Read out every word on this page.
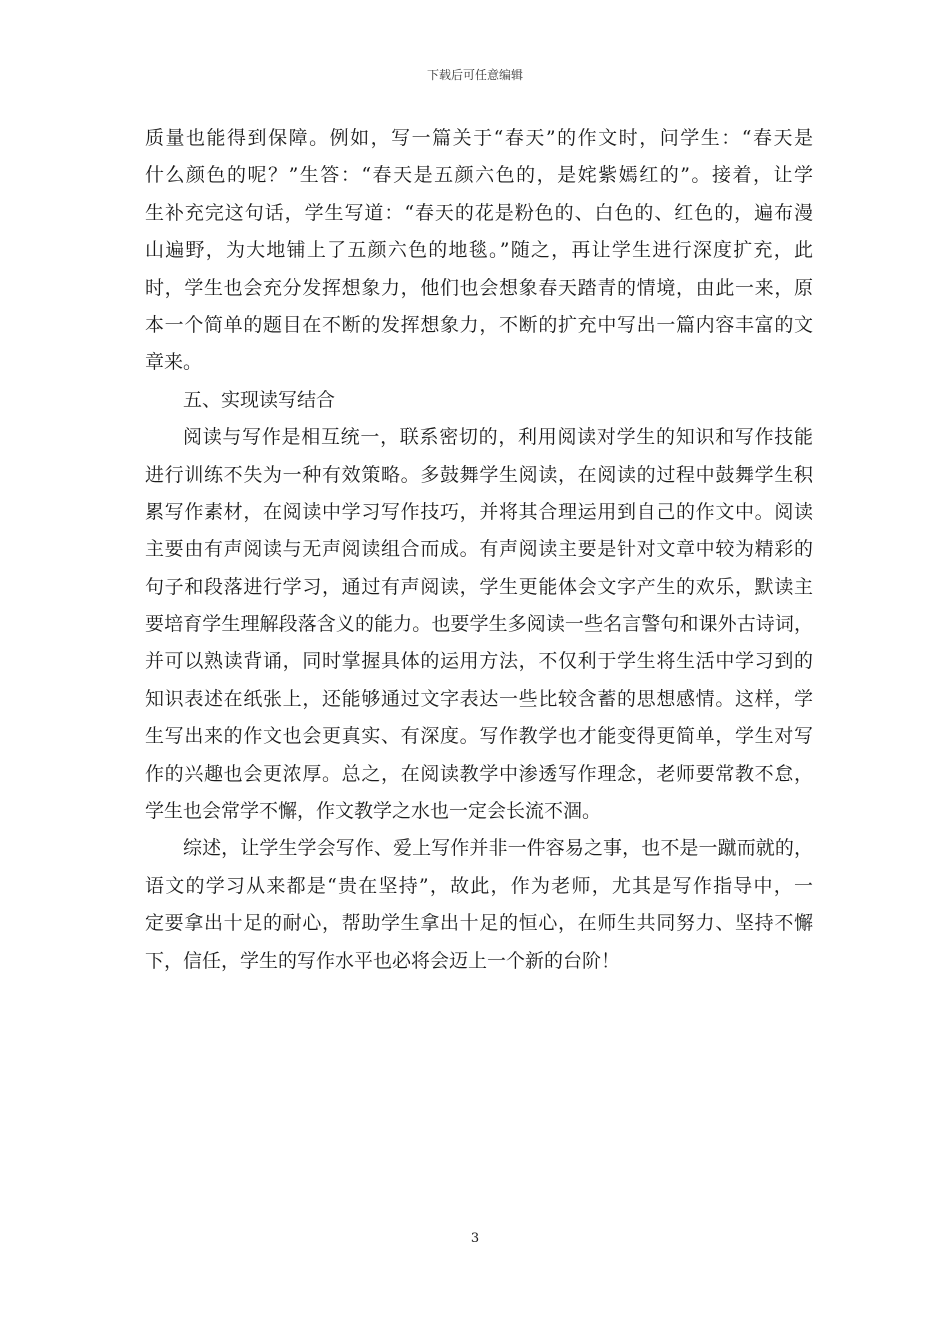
下载后可任意编辑
质量也能得到保障。例如，写一篇关于“春天”的作文时，问学生：“春天是
什么颜色的呢？”生答：“春天是五颜六色的，是姹紫嫣红的”。接着，让学
生补充完这句话，学生写道：“春天的花是粉色的、白色的、红色的，遍布漫
山遍野，为大地铺上了五颜六色的地毯。”随之，再让学生进行深度扩充，此
时，学生也会充分发挥想象力，他们也会想象春天踏青的情境，由此一来，原
本一个简单的题目在不断的发挥想象力，不断的扩充中写出一篇内容丰富的文
章来。
五、实现读写结合
阅读与写作是相互统一，联系密切的，利用阅读对学生的知识和写作技能
进行训练不失为一种有效策略。多鼓舞学生阅读，在阅读的过程中鼓舞学生积
累写作素材，在阅读中学习写作技巧，并将其合理运用到自己的作文中。阅读
主要由有声阅读与无声阅读组合而成。有声阅读主要是针对文章中较为精彩的
句子和段落进行学习，通过有声阅读，学生更能体会文字产生的欢乐，默读主
要培育学生理解段落含义的能力。也要学生多阅读一些名言警句和课外古诗词，
并可以熟读背诵，同时掌握具体的运用方法，不仅利于学生将生活中学习到的
知识表述在纸张上，还能够通过文字表达一些比较含蓄的思想感情。这样，学
生写出来的作文也会更真实、有深度。写作教学也才能变得更简单，学生对写
作的兴趣也会更浓厚。总之，在阅读教学中渗透写作理念，老师要常教不怠，
学生也会常学不懈，作文教学之水也一定会长流不涸。
综述，让学生学会写作、爱上写作并非一件容易之事，也不是一蹴而就的，
语文的学习从来都是“贵在坚持”，故此，作为老师，尤其是写作指导中，一
定要拿出十足的耐心，帮助学生拿出十足的恒心，在师生共同努力、坚持不懈
下，信任，学生的写作水平也必将会迈上一个新的台阶！
3
